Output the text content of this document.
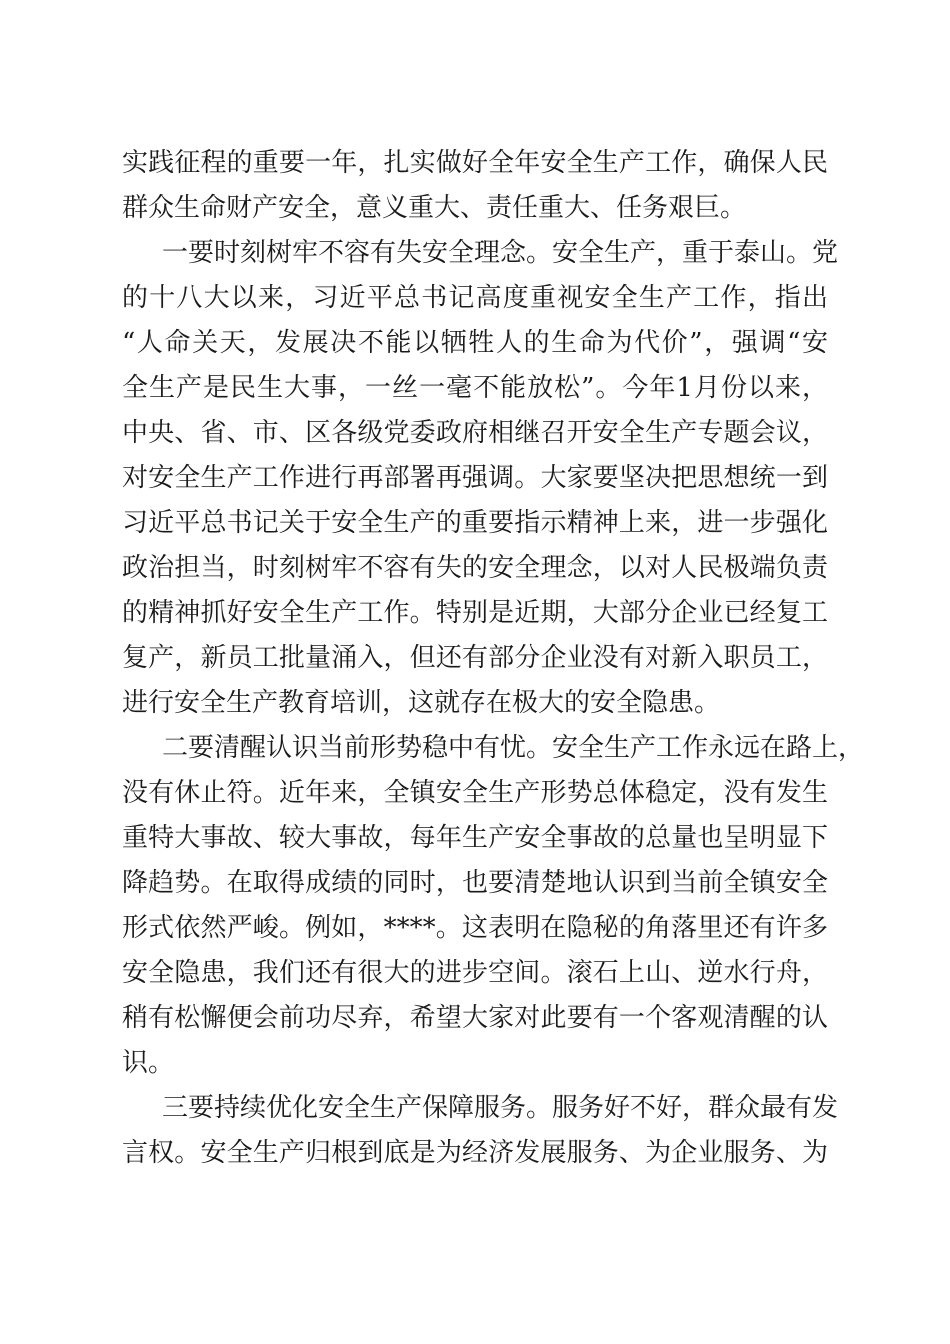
实践征程的重要一年，扎实做好全年安全生产工作，确保人民

群众生命财产安全，意义重大、责任重大、任务艰巨。

一要时刻树牢不容有失安全理念。安全生产，重于泰山。党

的十八大以来，习近平总书记高度重视安全生产工作，指出

“人命关天，发展决不能以牺牲人的生命为代价”，强调“安

全生产是民生大事，一丝一毫不能放松”。今年1月份以来，

中央、省、市、区各级党委政府相继召开安全生产专题会议，

对安全生产工作进行再部署再强调。大家要坚决把思想统一到

习近平总书记关于安全生产的重要指示精神上来，进一步强化

政治担当，时刻树牢不容有失的安全理念，以对人民极端负责

的精神抓好安全生产工作。特别是近期，大部分企业已经复工

复产，新员工批量涌入，但还有部分企业没有对新入职员工，

进行安全生产教育培训，这就存在极大的安全隐患。

二要清醒认识当前形势稳中有忧。安全生产工作永远在路上，

没有休止符。近年来，全镇安全生产形势总体稳定，没有发生

重特大事故、较大事故，每年生产安全事故的总量也呈明显下

降趋势。在取得成绩的同时，也要清楚地认识到当前全镇安全

形式依然严峻。例如，****。这表明在隐秘的角落里还有许多

安全隐患，我们还有很大的进步空间。滚石上山、逆水行舟，

稍有松懈便会前功尽弃，希望大家对此要有一个客观清醒的认

识。

三要持续优化安全生产保障服务。服务好不好，群众最有发

言权。安全生产归根到底是为经济发展服务、为企业服务、为
